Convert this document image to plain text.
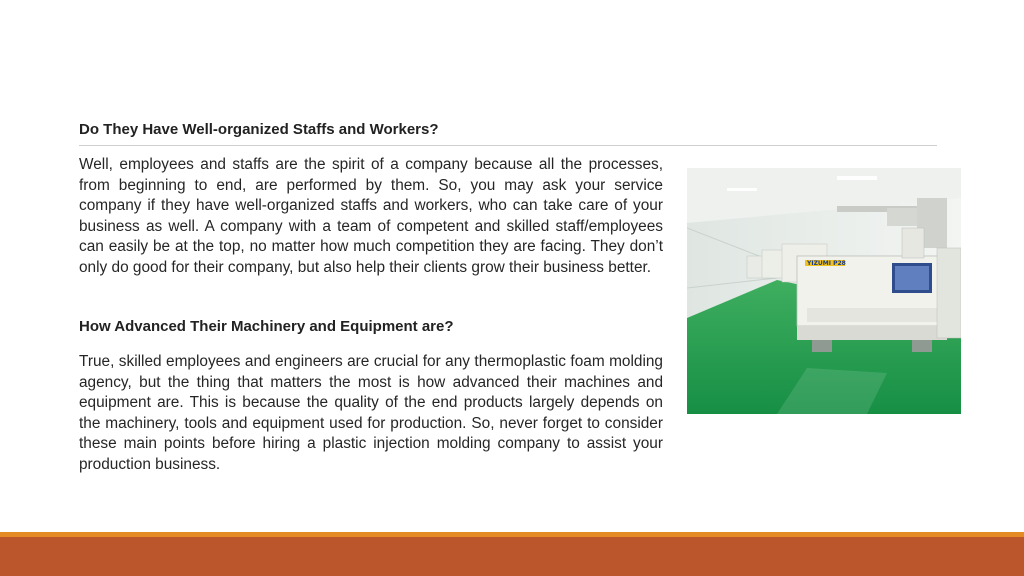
Do They Have Well-organized Staffs and Workers?

Well, employees and staffs are the spirit of a company because all the processes, from beginning to end, are performed by them. So, you may ask your service company if they have well-organized staffs and workers, who can take care of your business as well. A company with a team of competent and skilled staff/employees can easily be at the top, no matter how much competition they are facing. They don’t only do good for their company, but also help their clients grow their business better.

How Advanced Their Machinery and Equipment are?

True, skilled employees and engineers are crucial for any thermoplastic foam molding agency, but the thing that matters the most is how advanced their machines and equipment are. This is because the quality of the end products largely depends on the machinery, tools and equipment used for production. So, never forget to consider these main points before hiring a plastic injection molding company to assist your production business.

YIZUMI P28
